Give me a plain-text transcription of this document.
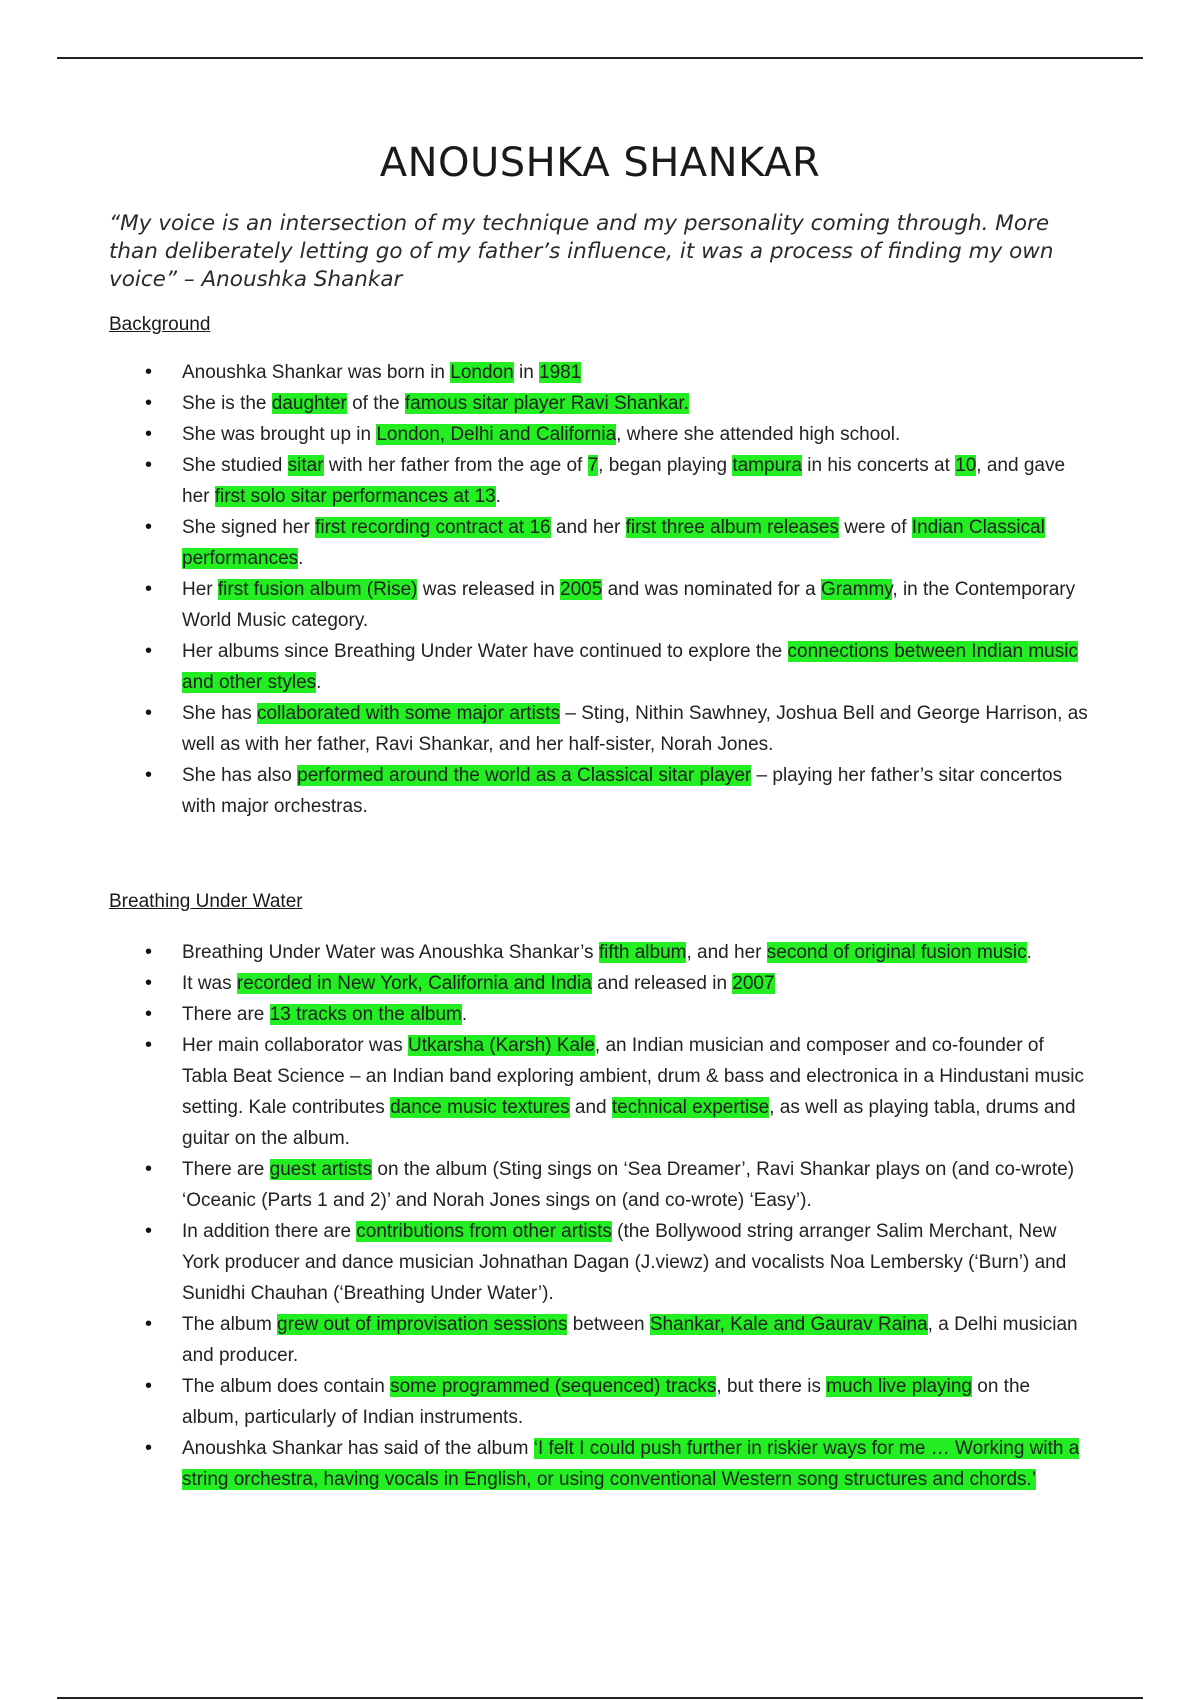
ANOUSHKA SHANKAR

“My voice is an intersection of my technique and my personality coming through. More than deliberately letting go of my father’s influence, it was a process of finding my own voice” – Anoushka Shankar

Background
• Anoushka Shankar was born in London in 1981
• She is the daughter of the famous sitar player Ravi Shankar.
• She was brought up in London, Delhi and California, where she attended high school.
• She studied sitar with her father from the age of 7, began playing tampura in his concerts at 10, and gave her first solo sitar performances at 13.
• She signed her first recording contract at 16 and her first three album releases were of Indian Classical performances.
• Her first fusion album (Rise) was released in 2005 and was nominated for a Grammy, in the Contemporary World Music category.
• Her albums since Breathing Under Water have continued to explore the connections between Indian music and other styles.
• She has collaborated with some major artists – Sting, Nithin Sawhney, Joshua Bell and George Harrison, as well as with her father, Ravi Shankar, and her half-sister, Norah Jones.
• She has also performed around the world as a Classical sitar player – playing her father’s sitar concertos with major orchestras.
Breathing Under Water
• Breathing Under Water was Anoushka Shankar’s fifth album, and her second of original fusion music.
• It was recorded in New York, California and India and released in 2007
• There are 13 tracks on the album.
• Her main collaborator was Utkarsha (Karsh) Kale, an Indian musician and composer and co-founder of Tabla Beat Science – an Indian band exploring ambient, drum & bass and electronica in a Hindustani music setting. Kale contributes dance music textures and technical expertise, as well as playing tabla, drums and guitar on the album.
• There are guest artists on the album (Sting sings on ‘Sea Dreamer’, Ravi Shankar plays on (and co-wrote) ‘Oceanic (Parts 1 and 2)’ and Norah Jones sings on (and co-wrote) ‘Easy’).
• In addition there are contributions from other artists (the Bollywood string arranger Salim Merchant, New York producer and dance musician Johnathan Dagan (J.viewz) and vocalists Noa Lembersky (‘Burn’) and Sunidhi Chauhan (‘Breathing Under Water’).
• The album grew out of improvisation sessions between Shankar, Kale and Gaurav Raina, a Delhi musician and producer.
• The album does contain some programmed (sequenced) tracks, but there is much live playing on the album, particularly of Indian instruments.
• Anoushka Shankar has said of the album ‘I felt I could push further in riskier ways for me … Working with a string orchestra, having vocals in English, or using conventional Western song structures and chords.’
